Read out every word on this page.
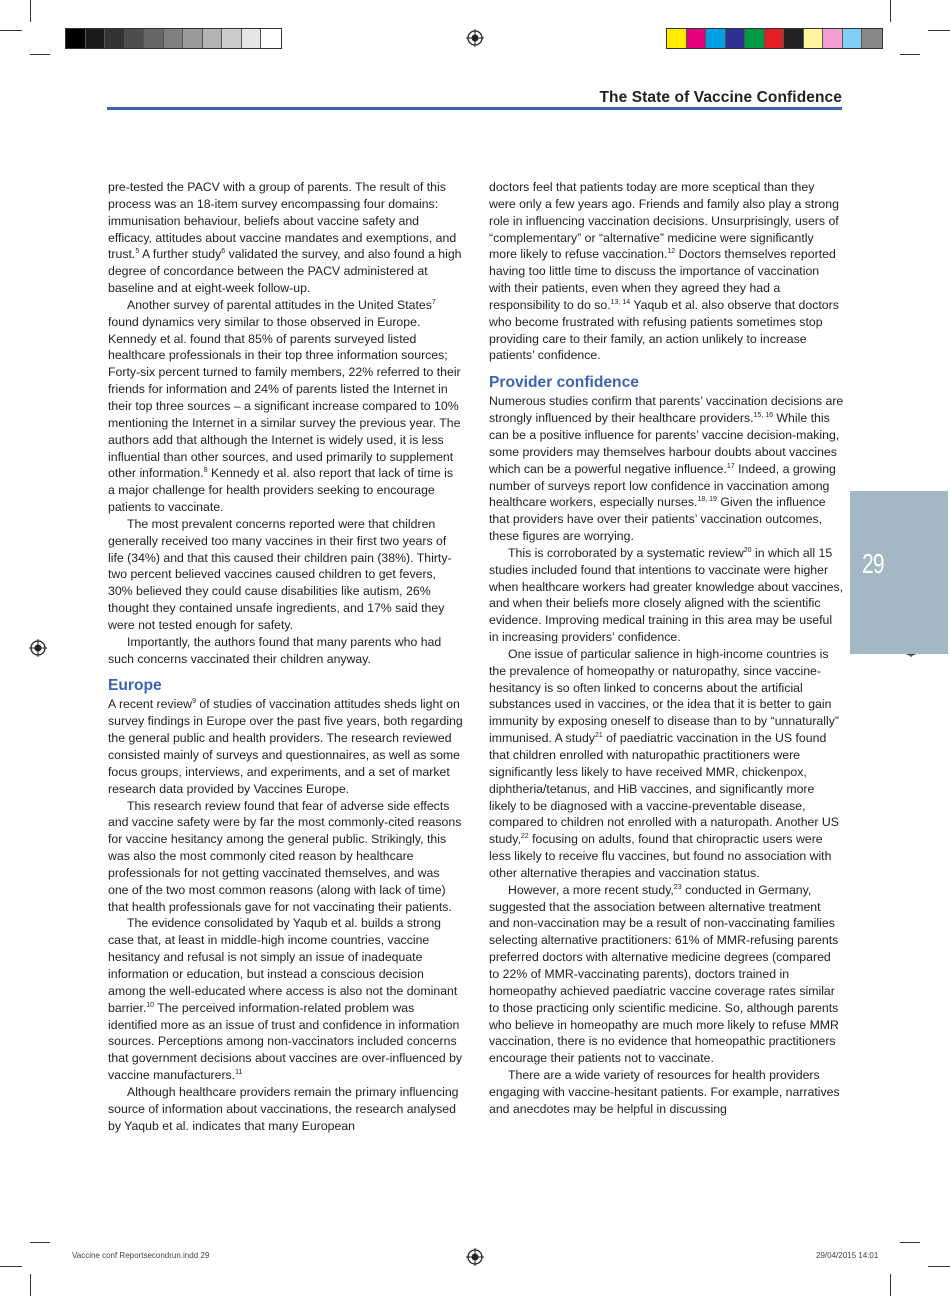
The State of Vaccine Confidence

pre-tested the PACV with a group of parents. The result of this process was an 18-item survey encompassing four domains: immunisation behaviour, beliefs about vaccine safety and efficacy, attitudes about vaccine mandates and exemptions, and trust.$^5$ A further study$^6$ validated the survey, and also found a high degree of concordance between the PACV administered at baseline and at eight-week follow-up.

Another survey of parental attitudes in the United States$^7$ found dynamics very similar to those observed in Europe. Kennedy et al. found that 85% of parents surveyed listed healthcare professionals in their top three information sources; Forty-six percent turned to family members, 22% referred to their friends for information and 24% of parents listed the Internet in their top three sources – a significant increase compared to 10% mentioning the Internet in a similar survey the previous year. The authors add that although the Internet is widely used, it is less influential than other sources, and used primarily to supplement other information.$^8$ Kennedy et al. also report that lack of time is a major challenge for health providers seeking to encourage patients to vaccinate.

The most prevalent concerns reported were that children generally received too many vaccines in their first two years of life (34%) and that this caused their children pain (38%). Thirty-two percent believed vaccines caused children to get fevers, 30% believed they could cause disabilities like autism, 26% thought they contained unsafe ingredients, and 17% said they were not tested enough for safety.

Importantly, the authors found that many parents who had such concerns vaccinated their children anyway.

Europe

A recent review$^9$ of studies of vaccination attitudes sheds light on survey findings in Europe over the past five years, both regarding the general public and health providers. The research reviewed consisted mainly of surveys and questionnaires, as well as some focus groups, interviews, and experiments, and a set of market research data provided by Vaccines Europe.

This research review found that fear of adverse side effects and vaccine safety were by far the most commonly-cited reasons for vaccine hesitancy among the general public. Strikingly, this was also the most commonly cited reason by healthcare professionals for not getting vaccinated themselves, and was one of the two most common reasons (along with lack of time) that health professionals gave for not vaccinating their patients.

The evidence consolidated by Yaqub et al. builds a strong case that, at least in middle-high income countries, vaccine hesitancy and refusal is not simply an issue of inadequate information or education, but instead a conscious decision among the well-educated where access is also not the dominant barrier.$^{10}$ The perceived information-related problem was identified more as an issue of trust and confidence in information sources. Perceptions among non-vaccinators included concerns that government decisions about vaccines are over-influenced by vaccine manufacturers.$^{11}$

Although healthcare providers remain the primary influencing source of information about vaccinations, the research analysed by Yaqub et al. indicates that many European

doctors feel that patients today are more sceptical than they were only a few years ago. Friends and family also play a strong role in influencing vaccination decisions. Unsurprisingly, users of “complementary” or “alternative” medicine were significantly more likely to refuse vaccination.$^{12}$ Doctors themselves reported having too little time to discuss the importance of vaccination with their patients, even when they agreed they had a responsibility to do so.$^{13, 14}$ Yaqub et al. also observe that doctors who become frustrated with refusing patients sometimes stop providing care to their family, an action unlikely to increase patients’ confidence.

Provider confidence

Numerous studies confirm that parents’ vaccination decisions are strongly influenced by their healthcare providers.$^{15, 16}$ While this can be a positive influence for parents’ vaccine decision-making, some providers may themselves harbour doubts about vaccines which can be a powerful negative influence.$^{17}$ Indeed, a growing number of surveys report low confidence in vaccination among healthcare workers, especially nurses.$^{18, 19}$ Given the influence that providers have over their patients’ vaccination outcomes, these figures are worrying.

This is corroborated by a systematic review$^{20}$ in which all 15 studies included found that intentions to vaccinate were higher when healthcare workers had greater knowledge about vaccines, and when their beliefs more closely aligned with the scientific evidence. Improving medical training in this area may be useful in increasing providers’ confidence.

One issue of particular salience in high-income countries is the prevalence of homeopathy or naturopathy, since vaccine-hesitancy is so often linked to concerns about the artificial substances used in vaccines, or the idea that it is better to gain immunity by exposing oneself to disease than to by “unnaturally” immunised. A study$^{21}$ of paediatric vaccination in the US found that children enrolled with naturopathic practitioners were significantly less likely to have received MMR, chickenpox, diphtheria/tetanus, and HiB vaccines, and significantly more likely to be diagnosed with a vaccine-preventable disease, compared to children not enrolled with a naturopath. Another US study,$^{22}$ focusing on adults, found that chiropractic users were less likely to receive flu vaccines, but found no association with other alternative therapies and vaccination status.

However, a more recent study,$^{23}$ conducted in Germany, suggested that the association between alternative treatment and non-vaccination may be a result of non-vaccinating families selecting alternative practitioners: 61% of MMR-refusing parents preferred doctors with alternative medicine degrees (compared to 22% of MMR-vaccinating parents), doctors trained in homeopathy achieved paediatric vaccine coverage rates similar to those practicing only scientific medicine. So, although parents who believe in homeopathy are much more likely to refuse MMR vaccination, there is no evidence that homeopathic practitioners encourage their patients not to vaccinate.

There are a wide variety of resources for health providers engaging with vaccine-hesitant patients. For example, narratives and anecdotes may be helpful in discussing

29
Vaccine conf Reportsecondrun.indd 29	29/04/2015 14:01
